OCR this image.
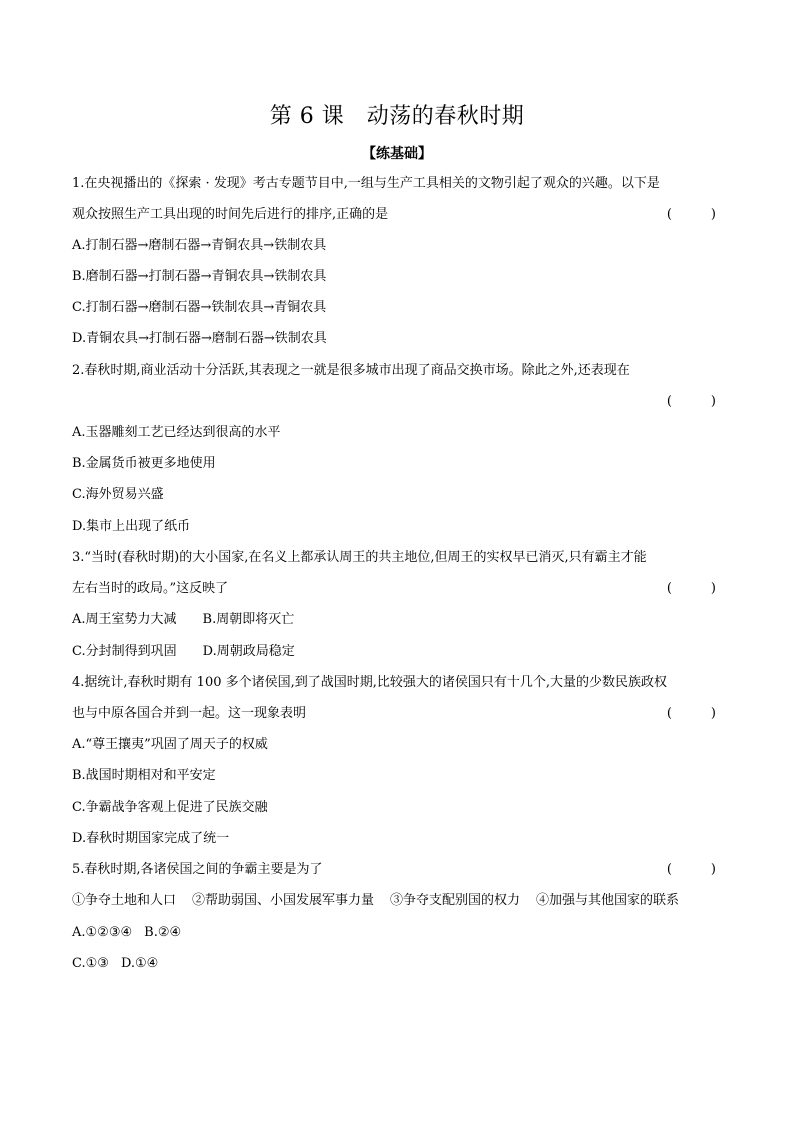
第 6 课　动荡的春秋时期
【练基础】
1.在央视播出的《探索 · 发现》考古专题节目中,一组与生产工具相关的文物引起了观众的兴趣。以下是
观众按照生产工具出现的时间先后进行的排序,正确的是	(　　　)
A.打制石器→磨制石器→青铜农具→铁制农具
B.磨制石器→打制石器→青铜农具→铁制农具
C.打制石器→磨制石器→铁制农具→青铜农具
D.青铜农具→打制石器→磨制石器→铁制农具
2.春秋时期,商业活动十分活跃,其表现之一就是很多城市出现了商品交换市场。除此之外,还表现在
(　　　)
A.玉器雕刻工艺已经达到很高的水平
B.金属货币被更多地使用
C.海外贸易兴盛
D.集市上出现了纸币
3.“当时(春秋时期)的大小国家,在名义上都承认周王的共主地位,但周王的实权早已消灭,只有霸主才能
左右当时的政局。”这反映了	(　　　)
A.周王室势力大减 B.周朝即将灭亡
C.分封制得到巩固 D.周朝政局稳定
4.据统计,春秋时期有 100 多个诸侯国,到了战国时期,比较强大的诸侯国只有十几个,大量的少数民族政权
也与中原各国合并到一起。这一现象表明	(　　　)
A.“尊王攘夷”巩固了周天子的权威
B.战国时期相对和平安定
C.争霸战争客观上促进了民族交融
D.春秋时期国家完成了统一
5.春秋时期,各诸侯国之间的争霸主要是为了	(　　　)
①争夺土地和人口 ②帮助弱国、小国发展军事力量 ③争夺支配别国的权力 ④加强与其他国家的联系
A.①②③④ B.②④
C.①③ D.①④
